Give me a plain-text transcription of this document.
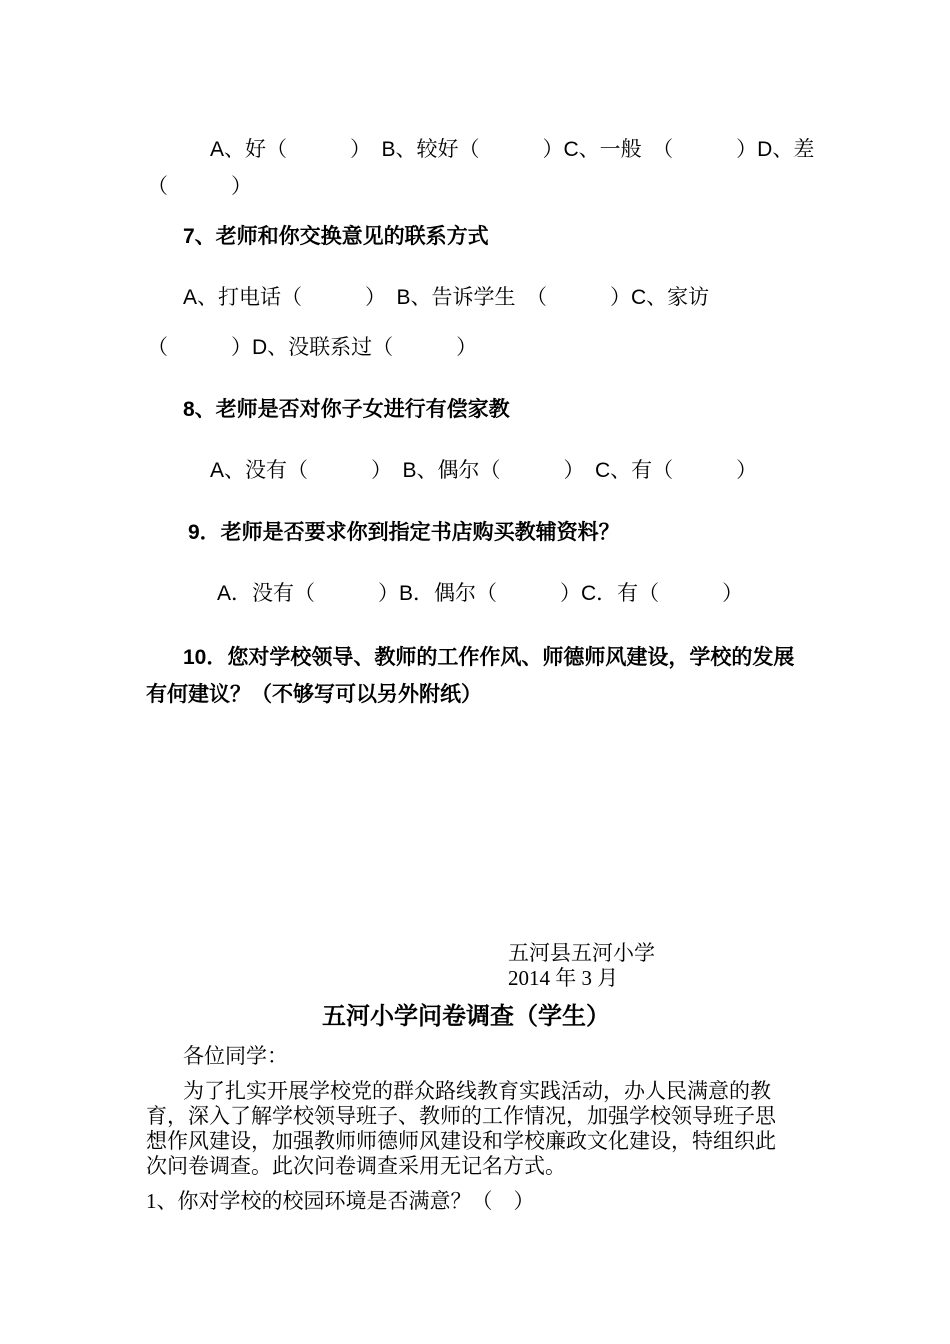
A、好（　　　）　B、较好（　　　）C、一般　（　　　）D、差
（　　　）
7、老师和你交换意见的联系方式
A、打电话（　　　）　B、告诉学生　（　　　）C、家访
（　　　）D、没联系过（　　　）
8、老师是否对你子女进行有偿家教
A、没有（　　　）　B、偶尔（　　　）　C、有（　　　）
9．老师是否要求你到指定书店购买教辅资料？
A．没有（　　　）B．偶尔（　　　）C．有（　　　）
10．您对学校领导、教师的工作作风、师德师风建设，学校的发展
有何建议？（不够写可以另外附纸）
五河县五河小学
2014 年 3 月
五河小学问卷调查（学生）
各位同学：
为了扎实开展学校党的群众路线教育实践活动，办人民满意的教
育，深入了解学校领导班子、教师的工作情况，加强学校领导班子思
想作风建设，加强教师师德师风建设和学校廉政文化建设，特组织此
次问卷调查。此次问卷调查采用无记名方式。
1、你对学校的校园环境是否满意？（　）
